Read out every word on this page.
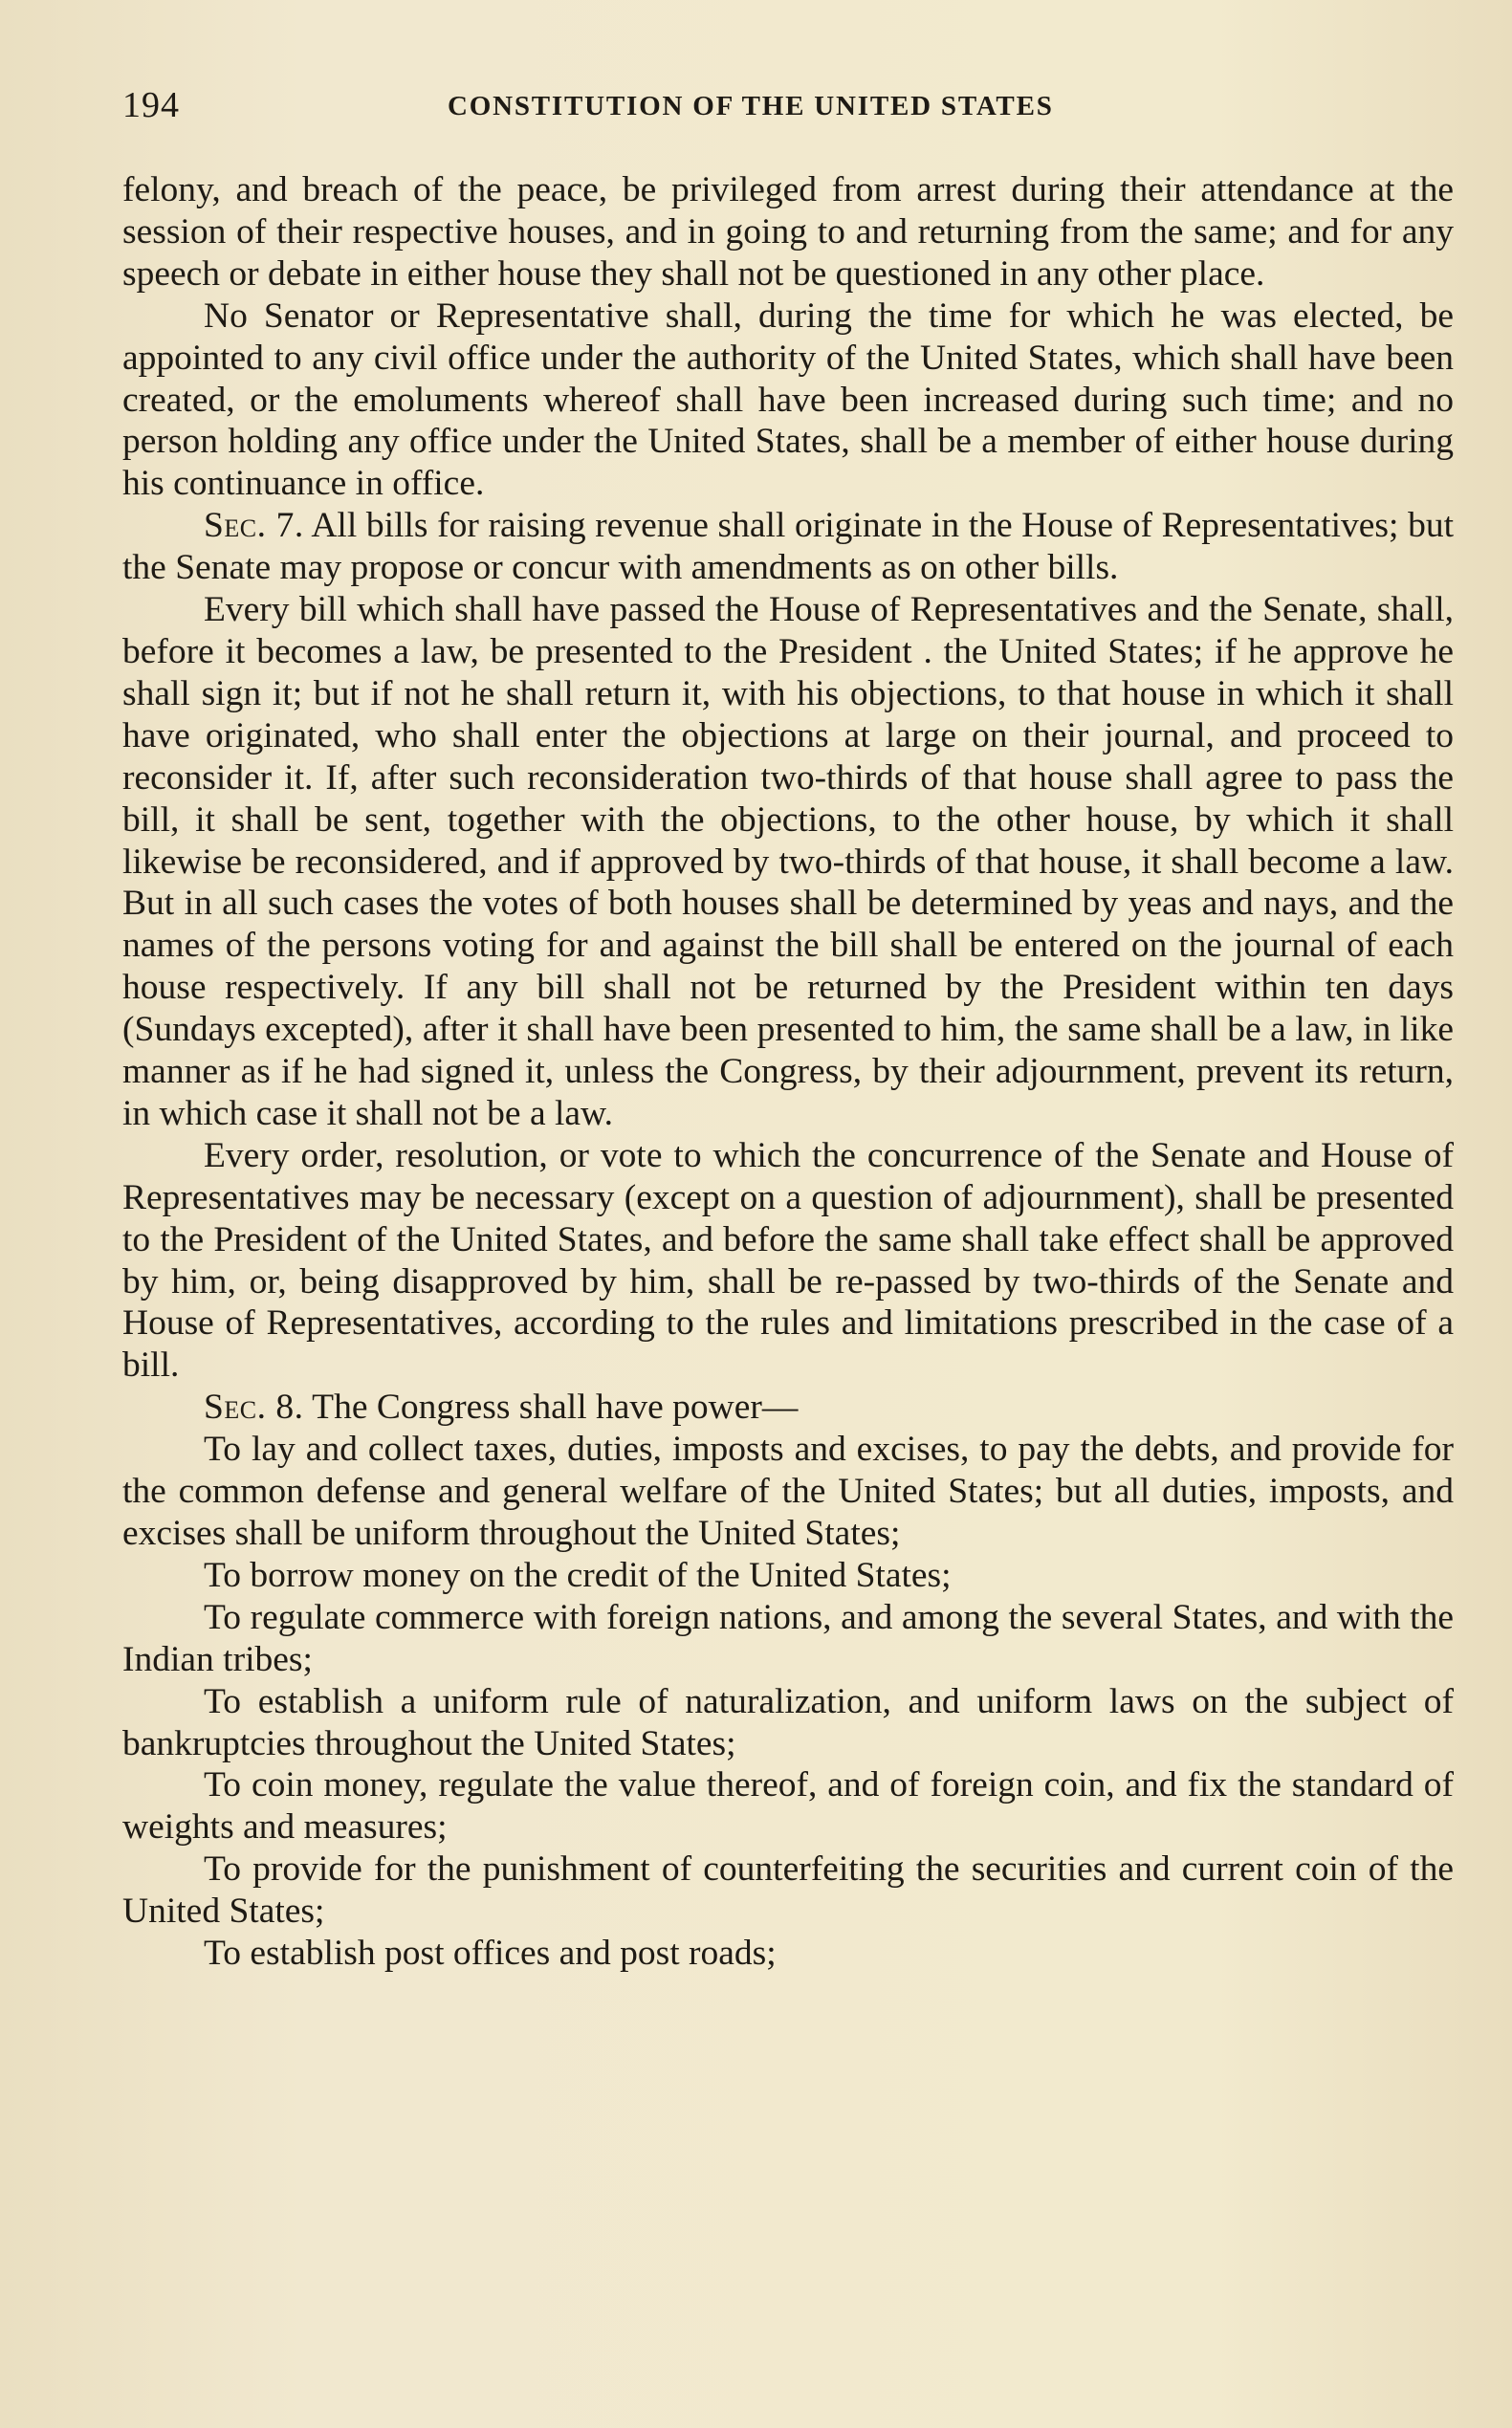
194	CONSTITUTION OF THE UNITED STATES

felony, and breach of the peace, be privileged from arrest during their attendance at the session of their respective houses, and in going to and returning from the same; and for any speech or debate in either house they shall not be questioned in any other place.

No Senator or Representative shall, during the time for which he was elected, be appointed to any civil office under the authority of the United States, which shall have been created, or the emoluments whereof shall have been increased during such time; and no person holding any office under the United States, shall be a member of either house during his continuance in office.

Sec. 7. All bills for raising revenue shall originate in the House of Representatives; but the Senate may propose or concur with amendments as on other bills.

Every bill which shall have passed the House of Representatives and the Senate, shall, before it becomes a law, be presented to the President . the United States; if he approve he shall sign it; but if not he shall return it, with his objections, to that house in which it shall have originated, who shall enter the objections at large on their journal, and proceed to reconsider it. If, after such reconsideration two-thirds of that house shall agree to pass the bill, it shall be sent, together with the objections, to the other house, by which it shall likewise be reconsidered, and if approved by two-thirds of that house, it shall become a law. But in all such cases the votes of both houses shall be determined by yeas and nays, and the names of the persons voting for and against the bill shall be entered on the journal of each house respectively. If any bill shall not be returned by the President within ten days (Sundays excepted), after it shall have been presented to him, the same shall be a law, in like manner as if he had signed it, unless the Congress, by their adjournment, prevent its return, in which case it shall not be a law.

Every order, resolution, or vote to which the concurrence of the Senate and House of Representatives may be necessary (except on a question of adjournment), shall be presented to the President of the United States, and before the same shall take effect shall be approved by him, or, being disapproved by him, shall be re-passed by two-thirds of the Senate and House of Representatives, according to the rules and limitations prescribed in the case of a bill.

Sec. 8. The Congress shall have power—

To lay and collect taxes, duties, imposts and excises, to pay the debts, and provide for the common defense and general welfare of the United States; but all duties, imposts, and excises shall be uniform throughout the United States;

To borrow money on the credit of the United States;

To regulate commerce with foreign nations, and among the several States, and with the Indian tribes;

To establish a uniform rule of naturalization, and uniform laws on the subject of bankruptcies throughout the United States;

To coin money, regulate the value thereof, and of foreign coin, and fix the standard of weights and measures;

To provide for the punishment of counterfeiting the securities and current coin of the United States;

To establish post offices and post roads;
